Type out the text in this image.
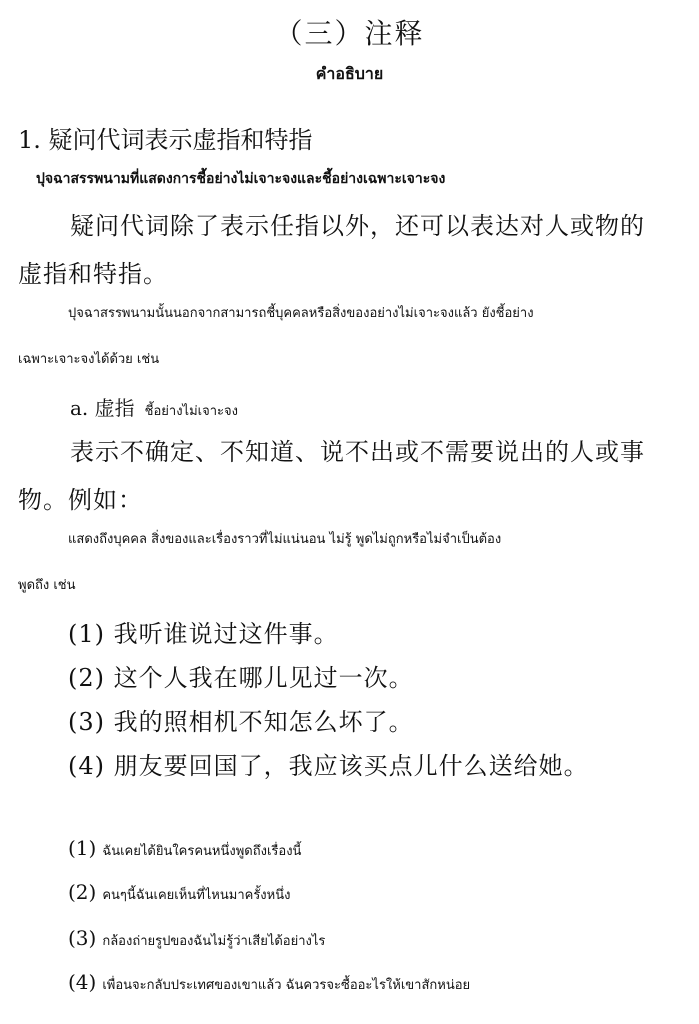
（三）注释
คำอธิบาย
1. 疑问代词表示虚指和特指
ปุจฉาสรรพนามที่แสดงการชี้อย่างไม่เจาะจงและชี้อย่างเฉพาะเจาะจง
疑问代词除了表示任指以外，还可以表达对人或物的
虚指和特指。
ปุจฉาสรรพนามนั้นนอกจากสามารถชี้บุคคลหรือสิ่งของอย่างไม่เจาะจงแล้ว ยังชี้อย่าง
เฉพาะเจาะจงได้ด้วย เช่น
a. 虚指 ชี้อย่างไม่เจาะจง
表示不确定、不知道、说不出或不需要说出的人或事
物。例如：
แสดงถึงบุคคล สิ่งของและเรื่องราวที่ไม่แน่นอน ไม่รู้ พูดไม่ถูกหรือไม่จำเป็นต้อง
พูดถึง เช่น
(1) 我听谁说过这件事。
(2) 这个人我在哪儿见过一次。
(3) 我的照相机不知怎么坏了。
(4) 朋友要回国了，我应该买点儿什么送给她。
(1) ฉันเคยได้ยินใครคนหนึ่งพูดถึงเรื่องนี้
(2) คนๆนี้ฉันเคยเห็นที่ไหนมาครั้งหนึ่ง
(3) กล้องถ่ายรูปของฉันไม่รู้ว่าเสียได้อย่างไร
(4) เพื่อนจะกลับประเทศของเขาแล้ว ฉันควรจะซื้ออะไรให้เขาสักหน่อย
